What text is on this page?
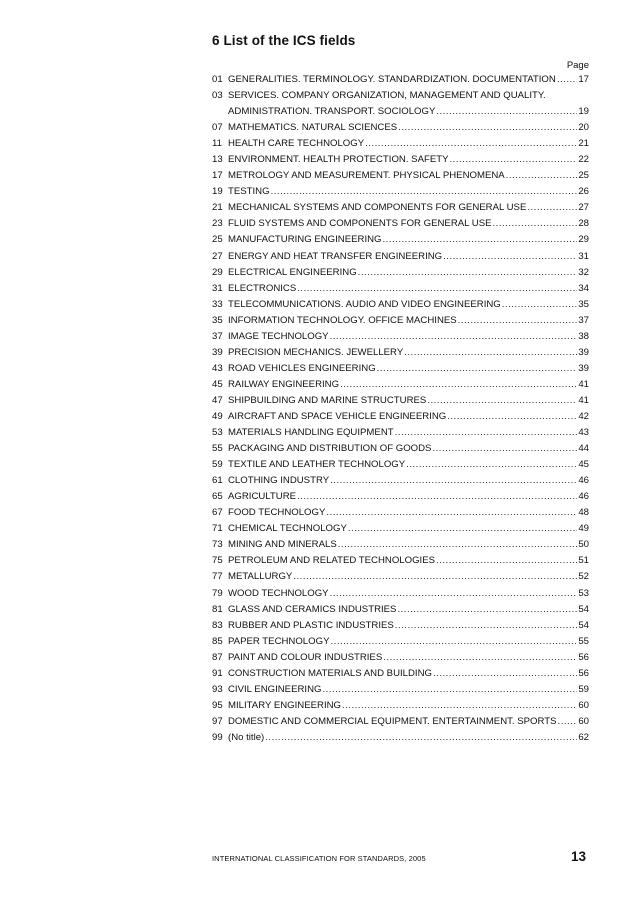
6 List of the ICS fields
Page
01 GENERALITIES. TERMINOLOGY. STANDARDIZATION. DOCUMENTATION ..... 17
03 SERVICES. COMPANY ORGANIZATION, MANAGEMENT AND QUALITY.
ADMINISTRATION. TRANSPORT. SOCIOLOGY .....	19
07 MATHEMATICS. NATURAL SCIENCES .....	20
11 HEALTH CARE TECHNOLOGY .....	21
13 ENVIRONMENT. HEALTH PROTECTION. SAFETY .....	22
17 METROLOGY AND MEASUREMENT. PHYSICAL PHENOMENA .....	25
19 TESTING .....	26
21 MECHANICAL SYSTEMS AND COMPONENTS FOR GENERAL USE .....	27
23 FLUID SYSTEMS AND COMPONENTS FOR GENERAL USE .....	28
25 MANUFACTURING ENGINEERING .....	29
27 ENERGY AND HEAT TRANSFER ENGINEERING .....	31
29 ELECTRICAL ENGINEERING .....	32
31 ELECTRONICS .....	34
33 TELECOMMUNICATIONS. AUDIO AND VIDEO ENGINEERING .....	35
35 INFORMATION TECHNOLOGY. OFFICE MACHINES .....	37
37 IMAGE TECHNOLOGY .....	38
39 PRECISION MECHANICS. JEWELLERY .....	39
43 ROAD VEHICLES ENGINEERING .....	39
45 RAILWAY ENGINEERING .....	41
47 SHIPBUILDING AND MARINE STRUCTURES .....	41
49 AIRCRAFT AND SPACE VEHICLE ENGINEERING .....	42
53 MATERIALS HANDLING EQUIPMENT .....	43
55 PACKAGING AND DISTRIBUTION OF GOODS .....	44
59 TEXTILE AND LEATHER TECHNOLOGY .....	45
61 CLOTHING INDUSTRY .....	46
65 AGRICULTURE .....	46
67 FOOD TECHNOLOGY .....	48
71 CHEMICAL TECHNOLOGY .....	49
73 MINING AND MINERALS .....	50
75 PETROLEUM AND RELATED TECHNOLOGIES .....	51
77 METALLURGY .....	52
79 WOOD TECHNOLOGY .....	53
81 GLASS AND CERAMICS INDUSTRIES .....	54
83 RUBBER AND PLASTIC INDUSTRIES .....	54
85 PAPER TECHNOLOGY .....	55
87 PAINT AND COLOUR INDUSTRIES .....	56
91 CONSTRUCTION MATERIALS AND BUILDING .....	56
93 CIVIL ENGINEERING .....	59
95 MILITARY ENGINEERING .....	60
97 DOMESTIC AND COMMERCIAL EQUIPMENT. ENTERTAINMENT. SPORTS ..... 60
99 (No title) .....	62
INTERNATIONAL CLASSIFICATION FOR STANDARDS, 2005	13
